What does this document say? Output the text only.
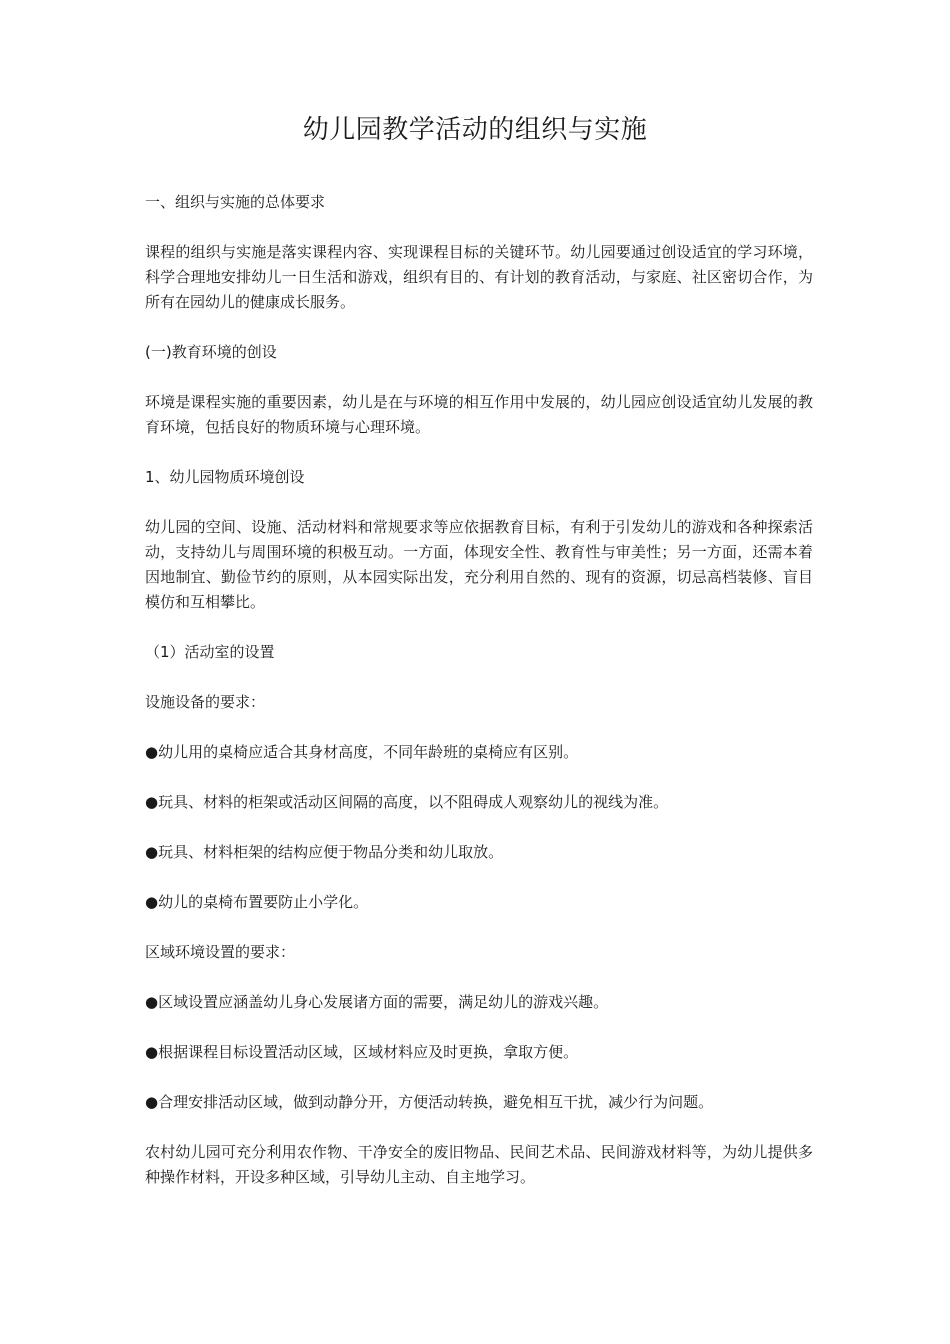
幼儿园教学活动的组织与实施

一、组织与实施的总体要求

课程的组织与实施是落实课程内容、实现课程目标的关键环节。幼儿园要通过创设适宜的学习环境，科学合理地安排幼儿一日生活和游戏，组织有目的、有计划的教育活动，与家庭、社区密切合作，为所有在园幼儿的健康成长服务。

(一)教育环境的创设

环境是课程实施的重要因素，幼儿是在与环境的相互作用中发展的，幼儿园应创设适宜幼儿发展的教育环境，包括良好的物质环境与心理环境。

1、幼儿园物质环境创设

幼儿园的空间、设施、活动材料和常规要求等应依据教育目标，有利于引发幼儿的游戏和各种探索活动，支持幼儿与周围环境的积极互动。一方面，体现安全性、教育性与审美性；另一方面，还需本着因地制宜、勤俭节约的原则，从本园实际出发，充分利用自然的、现有的资源，切忌高档装修、盲目模仿和互相攀比。

（1）活动室的设置

设施设备的要求：

●幼儿用的桌椅应适合其身材高度，不同年龄班的桌椅应有区别。

●玩具、材料的柜架或活动区间隔的高度，以不阻碍成人观察幼儿的视线为准。

●玩具、材料柜架的结构应便于物品分类和幼儿取放。

●幼儿的桌椅布置要防止小学化。

区域环境设置的要求：

●区域设置应涵盖幼儿身心发展诸方面的需要，满足幼儿的游戏兴趣。

●根据课程目标设置活动区域，区域材料应及时更换，拿取方便。

●合理安排活动区域，做到动静分开，方便活动转换，避免相互干扰，减少行为问题。

农村幼儿园可充分利用农作物、干净安全的废旧物品、民间艺术品、民间游戏材料等，为幼儿提供多种操作材料，开设多种区域，引导幼儿主动、自主地学习。
